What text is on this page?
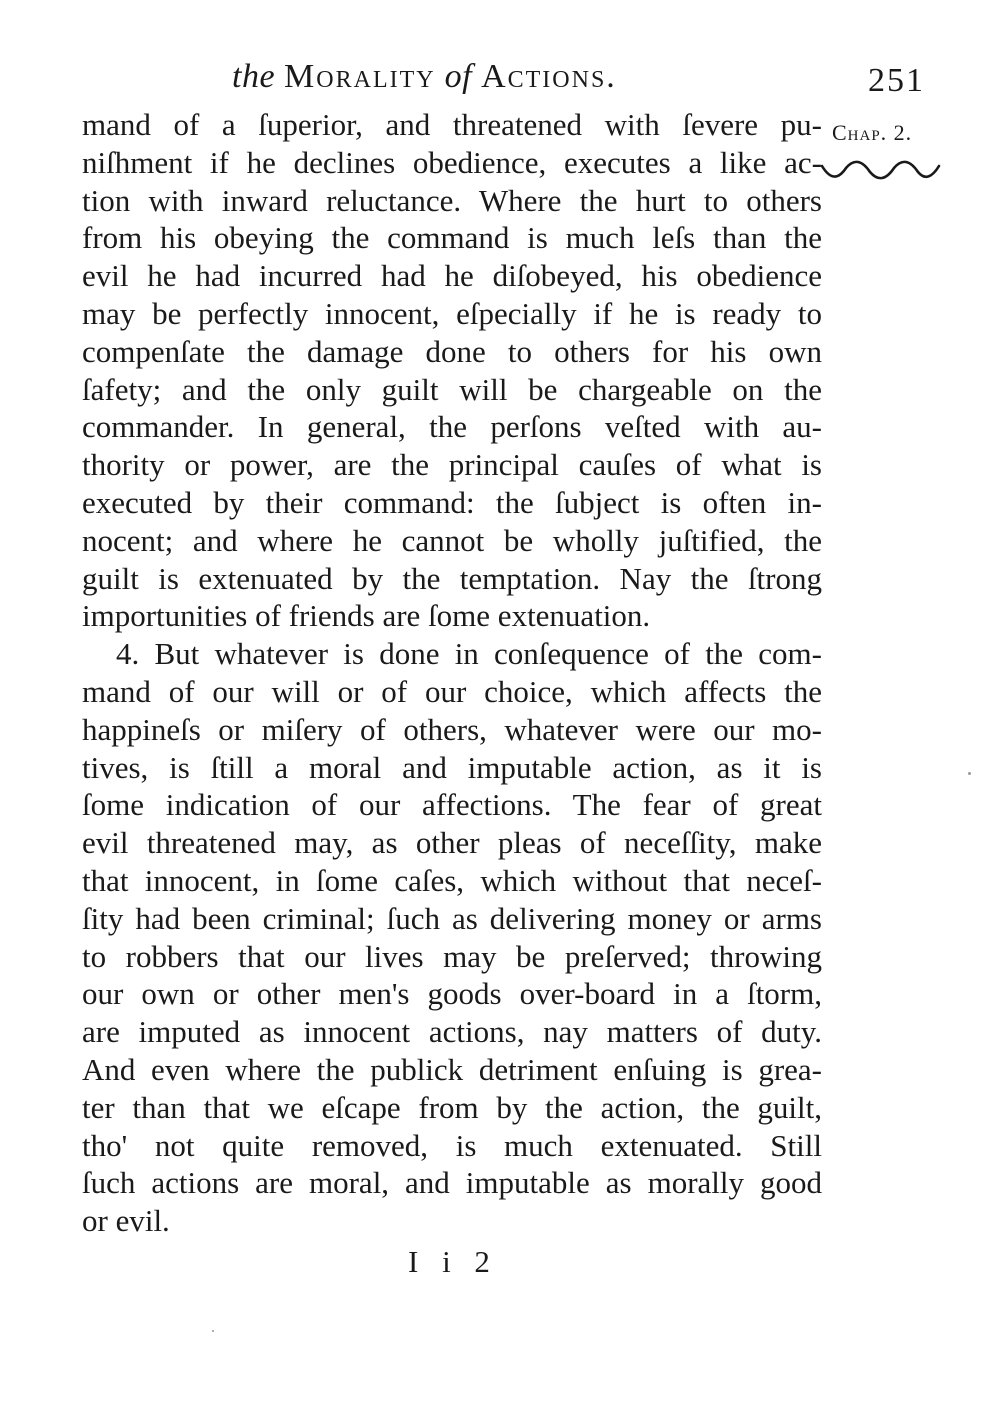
the Morality of Actions.	251
Chap. 2.
mand of a ſuperior, and threatened with ſevere pu-
niſhment if he declines obedience, executes a like ac-
tion with inward reluctance. Where the hurt to others
from his obeying the command is much leſs than the
evil he had incurred had he diſobeyed, his obedience
may be perfectly innocent, eſpecially if he is ready to
compenſate the damage done to others for his own
ſafety; and the only guilt will be chargeable on the
commander. In general, the perſons veſted with au-
thority or power, are the principal cauſes of what is
executed by their command: the ſubject is often in-
nocent; and where he cannot be wholly juſtified, the
guilt is extenuated by the temptation. Nay the ſtrong
importunities of friends are ſome extenuation.
4. But whatever is done in conſequence of the com-
mand of our will or of our choice, which affects the
happineſs or miſery of others, whatever were our mo-
tives, is ſtill a moral and imputable action, as it is
ſome indication of our affections. The fear of great
evil threatened may, as other pleas of neceſſity, make
that innocent, in ſome caſes, which without that neceſ-
ſity had been criminal; ſuch as delivering money or arms
to robbers that our lives may be preſerved; throwing
our own or other men's goods over-board in a ſtorm,
are imputed as innocent actions, nay matters of duty.
And even where the publick detriment enſuing is grea-
ter than that we eſcape from by the action, the guilt,
tho' not quite removed, is much extenuated. Still
ſuch actions are moral, and imputable as morally good
or evil.
I i 2
